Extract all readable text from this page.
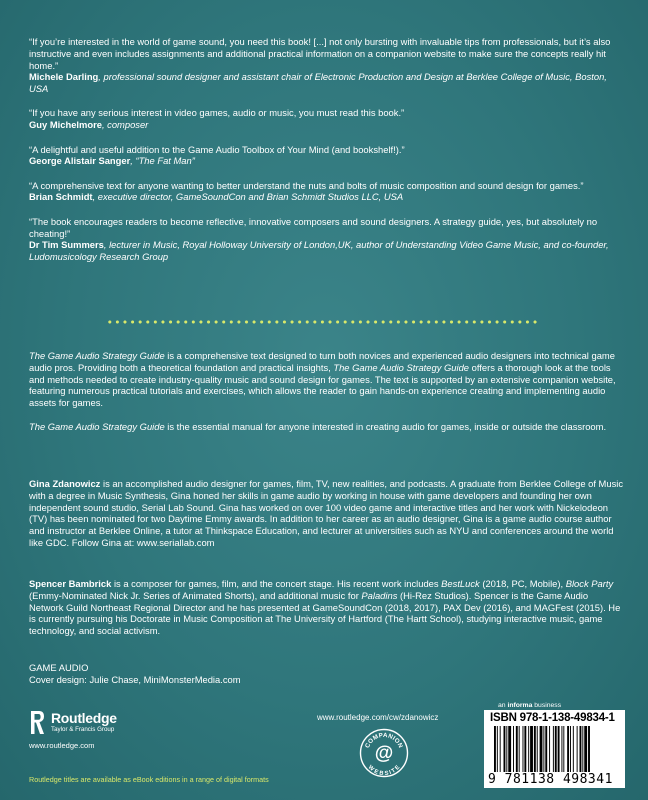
“If you’re interested in the world of game sound, you need this book! [...] not only bursting with invaluable tips from professionals, but it’s also instructive and even includes assignments and additional practical information on a companion website to make sure the concepts really hit home.”
Michele Darling, professional sound designer and assistant chair of Electronic Production and Design at Berklee College of Music, Boston, USA
“If you have any serious interest in video games, audio or music, you must read this book.”
Guy Michelmore, composer
“A delightful and useful addition to the Game Audio Toolbox of Your Mind (and bookshelf!).”
George Alistair Sanger, “The Fat Man”
“A comprehensive text for anyone wanting to better understand the nuts and bolts of music composition and sound design for games.”
Brian Schmidt, executive director, GameSoundCon and Brian Schmidt Studios LLC, USA
“The book encourages readers to become reflective, innovative composers and sound designers. A strategy guide, yes, but absolutely no cheating!”
Dr Tim Summers, lecturer in Music, Royal Holloway University of London,UK, author of Understanding Video Game Music, and co-founder, Ludomusicology Research Group

The Game Audio Strategy Guide is a comprehensive text designed to turn both novices and experienced audio designers into technical game audio pros. Providing both a theoretical foundation and practical insights, The Game Audio Strategy Guide offers a thorough look at the tools and methods needed to create industry-quality music and sound design for games. The text is supported by an extensive companion website, featuring numerous practical tutorials and exercises, which allows the reader to gain hands-on experience creating and implementing audio assets for games.

The Game Audio Strategy Guide is the essential manual for anyone interested in creating audio for games, inside or outside the classroom.

Gina Zdanowicz is an accomplished audio designer for games, film, TV, new realities, and podcasts. A graduate from Berklee College of Music with a degree in Music Synthesis, Gina honed her skills in game audio by working in house with game developers and founding her own independent sound studio, Serial Lab Sound. Gina has worked on over 100 video game and interactive titles and her work with Nickelodeon (TV) has been nominated for two Daytime Emmy awards. In addition to her career as an audio designer, Gina is a game audio course author and instructor at Berklee Online, a tutor at Thinkspace Education, and lecturer at universities such as NYU and conferences around the world like GDC. Follow Gina at: www.seriallab.com
Spencer Bambrick is a composer for games, film, and the concert stage. His recent work includes BestLuck (2018, PC, Mobile), Block Party (Emmy-Nominated Nick Jr. Series of Animated Shorts), and additional music for Paladins (Hi-Rez Studios). Spencer is the Game Audio Network Guild Northeast Regional Director and he has presented at GameSoundCon (2018, 2017), PAX Dev (2016), and MAGFest (2015). He is currently pursuing his Doctorate in Music Composition at The University of Hartford (The Hartt School), studying interactive music, game technology, and social activism.
GAME AUDIO
Cover design: Julie Chase, MiniMonsterMedia.com
Routledge
Taylor & Francis Group
www.routledge.com
Routledge titles are available as eBook editions in a range of digital formats
www.routledge.com/cw/zdanowicz
COMPANION
WEBSITE
@
an informa business
ISBN 978-1-138-49834-1
9 781138 498341
